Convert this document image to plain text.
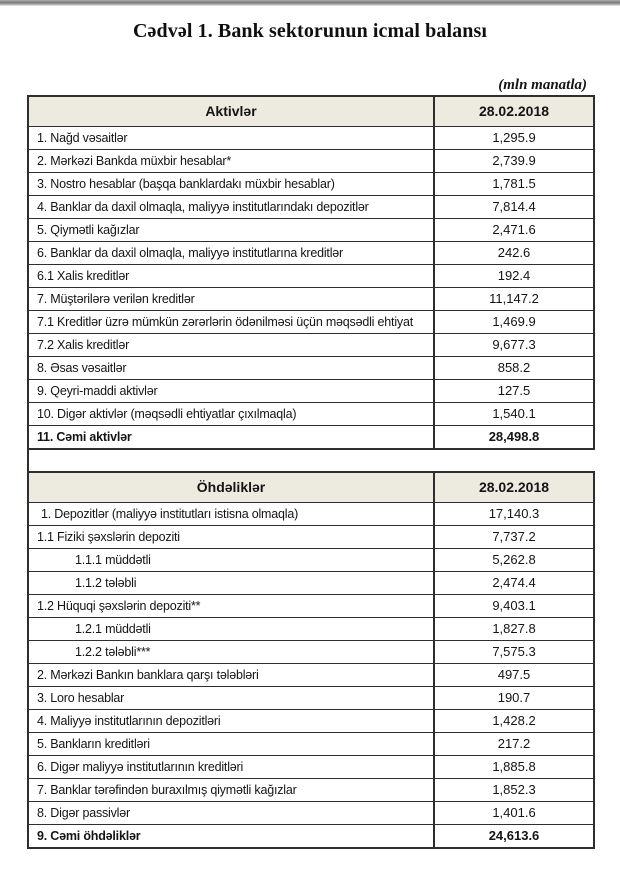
Cədvəl 1. Bank sektorunun icmal balansı
(mln manatla)
Aktivlər	28.02.2018
1. Nağd vəsaitlər	1,295.9
2. Mərkəzi Bankda müxbir hesablar*	2,739.9
3. Nostro hesablar (başqa banklardakı müxbir hesablar)	1,781.5
4. Banklar da daxil olmaqla, maliyyə institutlarındakı depozitlər	7,814.4
5. Qiymətli kağızlar	2,471.6
6. Banklar da daxil olmaqla, maliyyə institutlarına kreditlər	242.6
6.1 Xalis kreditlər	192.4
7. Müştərilərə verilən kreditlər	11,147.2
7.1 Kreditlər üzrə mümkün zərərlərin ödənilməsi üçün məqsədli ehtiyat	1,469.9
7.2 Xalis kreditlər	9,677.3
8. Əsas vəsaitlər	858.2
9. Qeyri-maddi aktivlər	127.5
10. Digər aktivlər (məqsədli ehtiyatlar çıxılmaqla)	1,540.1
11. Cəmi aktivlər	28,498.8

Öhdəliklər	28.02.2018
1. Depozitlər (maliyyə institutları istisna olmaqla)	17,140.3
1.1 Fiziki şəxslərin depoziti	7,737.2
1.1.1 müddətli	5,262.8
1.1.2 tələbli	2,474.4
1.2 Hüquqi şəxslərin depoziti**	9,403.1
1.2.1 müddətli	1,827.8
1.2.2 tələbli***	7,575.3
2. Mərkəzi Bankın banklara qarşı tələbləri	497.5
3. Loro hesablar	190.7
4. Maliyyə institutlarının depozitləri	1,428.2
5. Bankların kreditləri	217.2
6. Digər maliyyə institutlarının kreditləri	1,885.8
7. Banklar tərəfindən buraxılmış qiymətli kağızlar	1,852.3
8. Digər passivlər	1,401.6
9. Cəmi öhdəliklər	24,613.6
